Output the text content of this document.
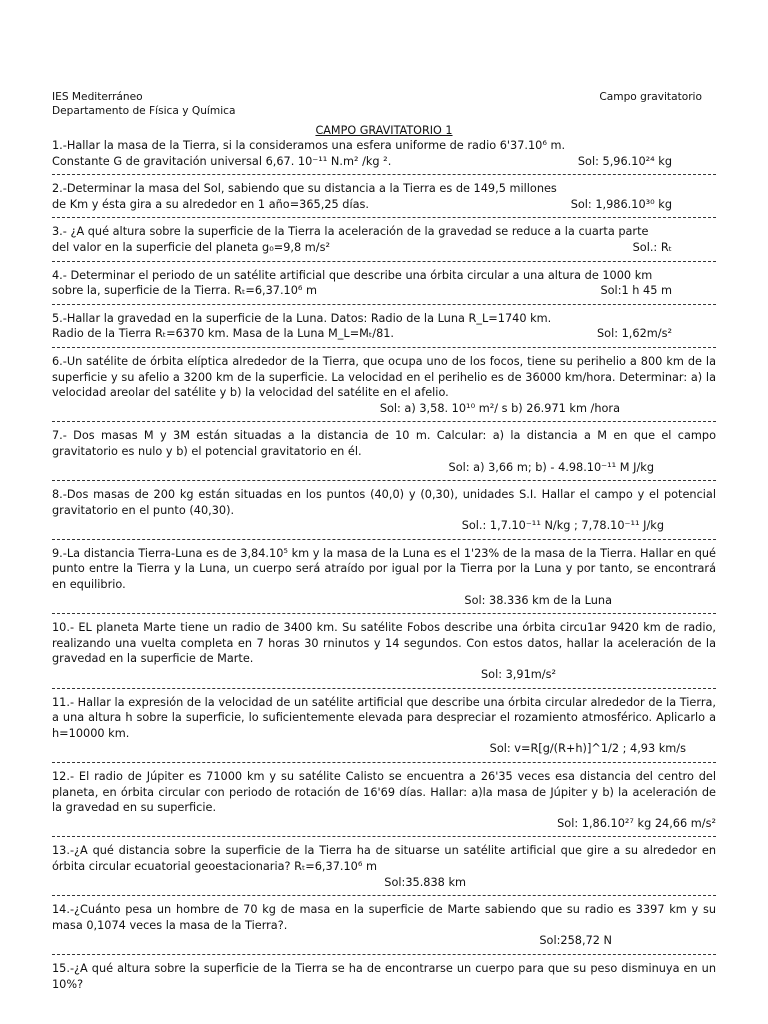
IES Mediterráneo
Departamento de Física y Química
Campo gravitatorio
CAMPO GRAVITATORIO 1
1.-Hallar la masa de la Tierra, si la consideramos una esfera uniforme de radio 6'37.10⁶ m.
Constante G de gravitación universal 6,67. 10⁻¹¹ N.m² /kg ².	Sol: 5,96.10²⁴ kg
2.-Determinar la masa del Sol, sabiendo que su distancia a la Tierra es de 149,5 millones
de Km y ésta gira a su alrededor en 1 año=365,25 días.	Sol: 1,986.10³⁰ kg
3.- ¿A qué altura sobre la superficie de la Tierra la aceleración de la gravedad se reduce a la cuarta parte
del valor en la superficie del planeta g₀=9,8 m/s²	Sol.: Rₜ
4.- Determinar el periodo de un satélite artificial que describe una órbita circular a una altura de 1000 km
sobre la, superficie de la Tierra. Rₜ=6,37.10⁶ m	Sol:1 h 45 m
5.-Hallar la gravedad en la superficie de la Luna. Datos: Radio de la Luna R_L=1740 km.
Radio de la Tierra Rₜ=6370 km. Masa de la Luna M_L=Mₜ/81.	Sol: 1,62m/s²
6.-Un satélite de órbita elíptica alrededor de la Tierra, que ocupa uno de los focos, tiene su perihelio a 800 km de la superficie y su afelio a 3200 km de la superficie. La velocidad en el perihelio es de 36000 km/hora. Determinar: a) la velocidad areolar del satélite y b) la velocidad del satélite en el afelio.
Sol: a) 3,58. 10¹⁰ m²/ s b) 26.971 km /hora
7.- Dos masas M y 3M están situadas a la distancia de 10 m. Calcular: a) la distancia a M en que el campo gravitatorio es nulo y b) el potencial gravitatorio en él.
Sol: a) 3,66 m; b) - 4.98.10⁻¹¹ M J/kg
8.-Dos masas de 200 kg están situadas en los puntos (40,0) y (0,30), unidades S.I. Hallar el campo y el potencial gravitatorio en el punto (40,30).
Sol.: 1,7.10⁻¹¹ N/kg ; 7,78.10⁻¹¹ J/kg
9.-La distancia Tierra-Luna es de 3,84.10⁵ km y la masa de la Luna es el 1'23% de la masa de la Tierra. Hallar en qué punto entre la Tierra y la Luna, un cuerpo será atraído por igual por la Tierra por la Luna y por tanto, se encontrará en equilibrio.
Sol: 38.336 km de la Luna
10.- EL planeta Marte tiene un radio de 3400 km. Su satélite Fobos describe una órbita circu1ar 9420 km de radio, realizando una vuelta completa en 7 horas 30 rninutos y 14 segundos. Con estos datos, hallar la aceleración de la gravedad en la superficie de Marte.
Sol: 3,91m/s²
11.- Hallar la expresión de la velocidad de un satélite artificial que describe una órbita circular alrededor de la Tierra, a una altura h sobre la superficie, lo suficientemente elevada para despreciar el rozamiento atmosférico. Aplicarlo a h=10000 km.
Sol: v=R[g/(R+h)]^1/2 ; 4,93 km/s
12.- El radio de Júpiter es 71000 km y su satélite Calisto se encuentra a 26'35 veces esa distancia del centro del planeta, en órbita circular con periodo de rotación de 16'69 días. Hallar: a)la masa de Júpiter y b) la aceleración de la gravedad en su superficie.
Sol: 1,86.10²⁷ kg 24,66 m/s²
13.-¿A qué distancia sobre la superficie de la Tierra ha de situarse un satélite artificial que gire a su alrededor en órbita circular ecuatorial geoestacionaria? Rₜ=6,37.10⁶ m
Sol:35.838 km
14.-¿Cuánto pesa un hombre de 70 kg de masa en la superficie de Marte sabiendo que su radio es 3397 km y su masa 0,1074 veces la masa de la Tierra?.
Sol:258,72 N
15.-¿A qué altura sobre la superficie de la Tierra se ha de encontrarse un cuerpo para que su peso disminuya en un 10%?
